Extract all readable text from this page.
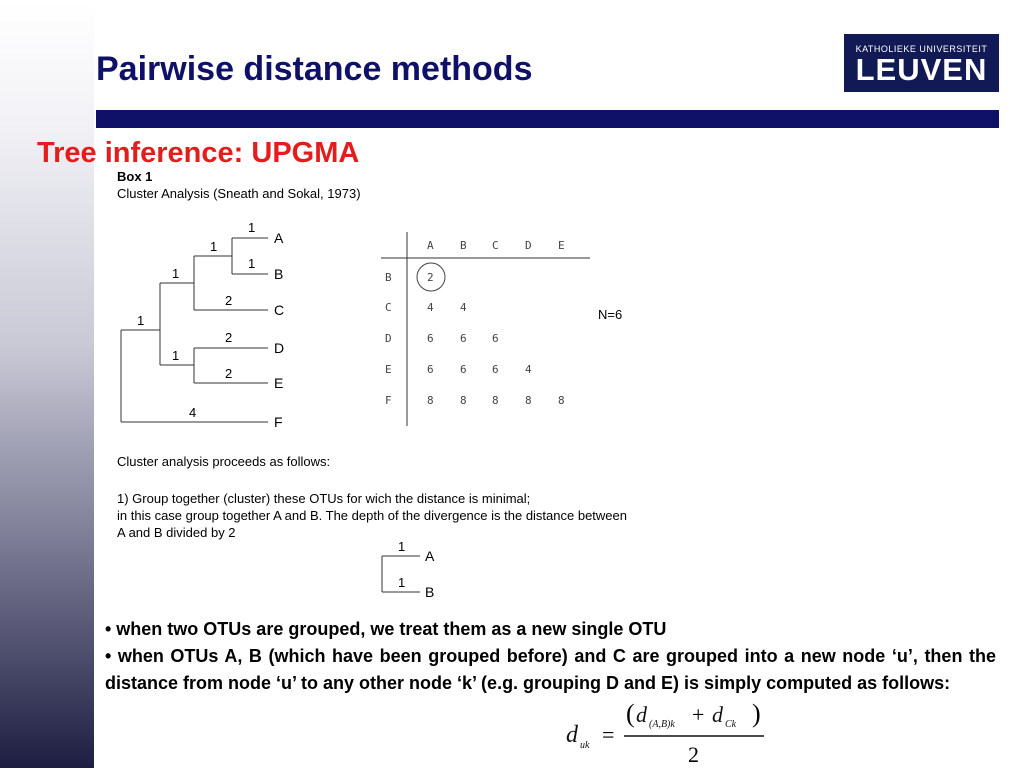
Pairwise distance methods
KATHOLIEKE UNIVERSITEIT
LEUVEN
Tree inference: UPGMA
Box 1
Cluster Analysis (Sneath and Sokal, 1973)
A
B
C
D
E
F
1
1
1
1
2
1
2
2
1
4
A B C D E
B
C
D
E
F
2
4 4
6 6 6
6 6 6 4
8 8 8 8 8
N=6
1
1
A
B
Cluster analysis proceeds as follows:
1) Group together (cluster) these OTUs for wich the distance is minimal;
in this case group together A and B. The depth of the divergence is the distance between
A and B divided by 2

• when two OTUs are grouped, we treat them as a new single OTU

• when OTUs A, B (which have been grouped before) and C are grouped into a new node ‘u’, then the distance from node ‘u’ to any other node ‘k’ (e.g. grouping D and E) is simply computed as follows:

d uk =
( d (A,B)k + d Ck )
2
